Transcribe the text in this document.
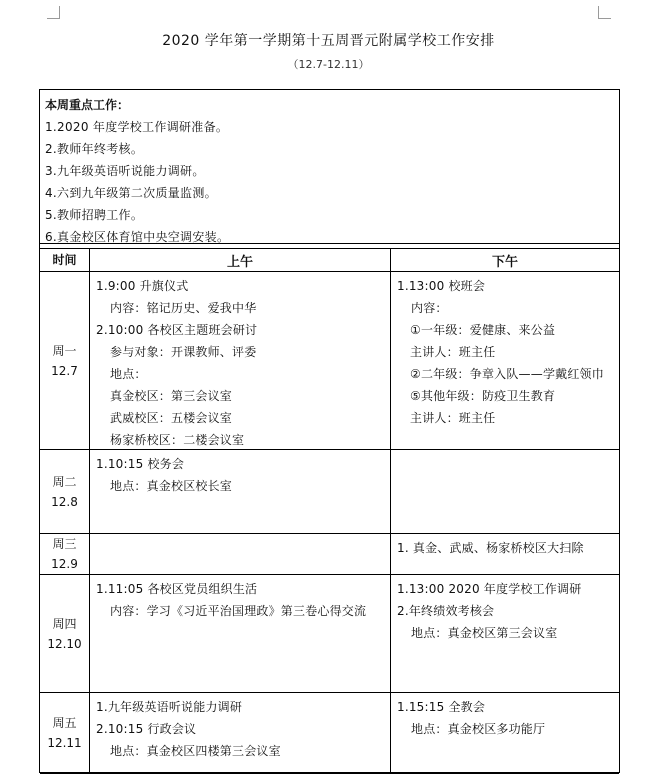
2020 学年第一学期第十五周晋元附属学校工作安排
（12.7-12.11）
本周重点工作：
1.2020 年度学校工作调研准备。
2.教师年终考核。
3.九年级英语听说能力调研。
4.六到九年级第二次质量监测。
5.教师招聘工作。
6.真金校区体育馆中央空调安装。
时间	上午	下午
周一
12.7
1.9:00 升旗仪式
内容：铭记历史、爱我中华
2.10:00 各校区主题班会研讨
参与对象：开课教师、评委
地点：
真金校区：第三会议室
武威校区：五楼会议室
杨家桥校区：二楼会议室
1.13:00 校班会
内容：
①一年级：爱健康、来公益
主讲人：班主任
②二年级：争章入队——学戴红领巾
⑤其他年级：防疫卫生教育
主讲人：班主任
周二
12.8
1.10:15 校务会
地点：真金校区校长室
周三
12.9
1. 真金、武威、杨家桥校区大扫除
周四
12.10
1.11:05 各校区党员组织生活
内容：学习《习近平治国理政》第三卷心得交流
1.13:00 2020 年度学校工作调研
2.年终绩效考核会
地点：真金校区第三会议室
周五
12.11
1.九年级英语听说能力调研
2.10:15 行政会议
地点：真金校区四楼第三会议室
1.15:15 全教会
地点：真金校区多功能厅
